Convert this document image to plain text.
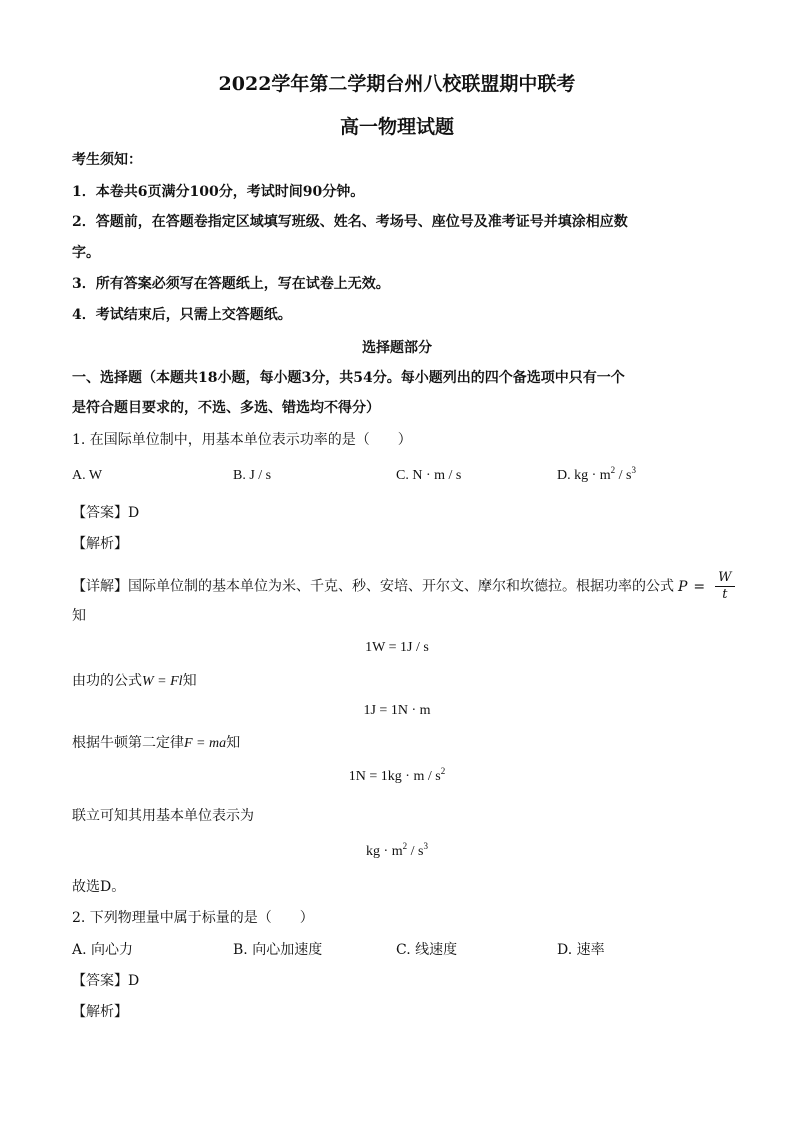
2022学年第二学期台州八校联盟期中联考
高一物理试题
考生须知：
1．本卷共6页满分100分，考试时间90分钟。
2．答题前，在答题卷指定区域填写班级、姓名、考场号、座位号及准考证号并填涂相应数
字。
3．所有答案必须写在答题纸上，写在试卷上无效。
4．考试结束后，只需上交答题纸。
选择题部分
一、选择题（本题共18小题，每小题3分，共54分。每小题列出的四个备选项中只有一个
是符合题目要求的，不选、多选、错选均不得分）
1. 在国际单位制中，用基本单位表示功率的是（　　）
A. W	B. J / s	C. N · m / s	D. kg · $m^2 / s^3$
【答案】D
【解析】
【详解】国际单位制的基本单位为米、千克、秒、安培、开尔文、摩尔和坎德拉。根据功率的公式 $P = \frac{W}{t}$
知
1W = 1J / s
由功的公式W = Fl知
1J = 1N · m
根据牛顿第二定律F = ma知
$1N = 1kg \cdot m / s^2$
联立可知其用基本单位表示为
kg · $m^2 / s^3$
故选D。
2. 下列物理量中属于标量的是（　　）
A. 向心力	B. 向心加速度	C. 线速度	D. 速率
【答案】D
【解析】
